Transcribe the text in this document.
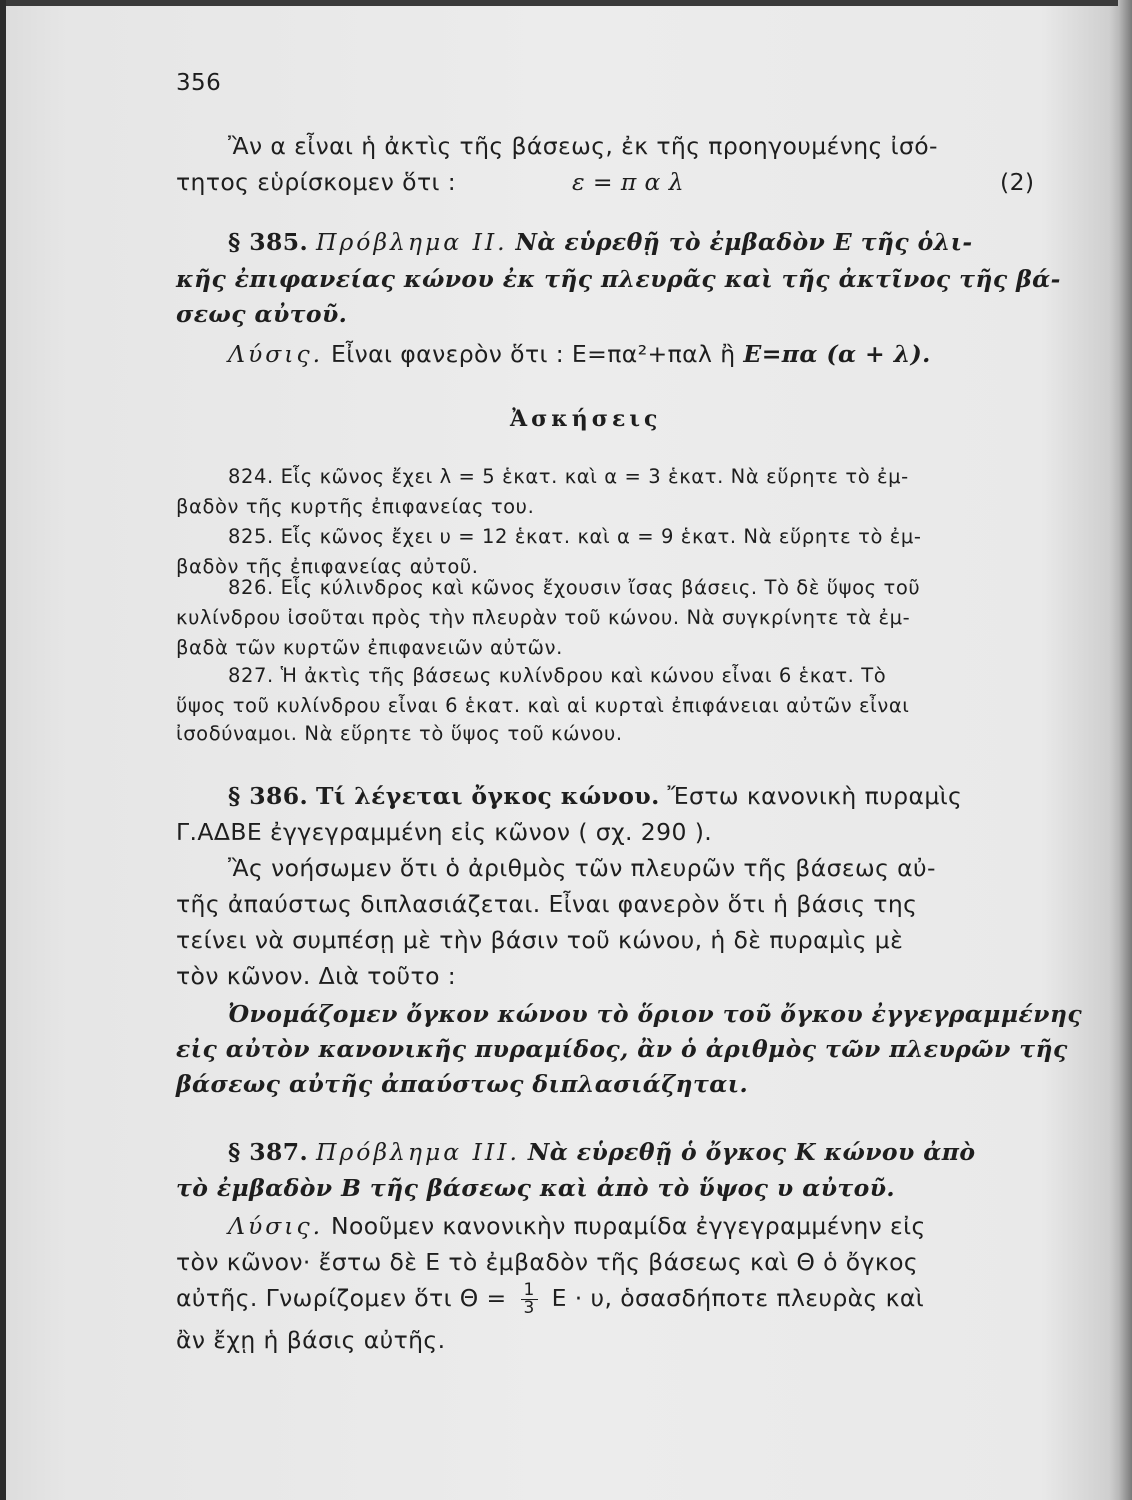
356
Ἂν α εἶναι ἡ ἀκτὶς τῆς βάσεως, ἐκ τῆς προηγουμένης ἰσό-
τητος εὑρίσκομεν ὅτι :	ε = π α λ	(2)
§ 385. Πρόβλημα II. Νὰ εὑρεθῇ τὸ ἐμβαδὸν Ε τῆς ὁλι-
κῆς ἐπιφανείας κώνου ἐκ τῆς πλευρᾶς καὶ τῆς ἀκτῖνος τῆς βά-
σεως αὐτοῦ.
Λύσις. Εἶναι φανερὸν ὅτι : Ε=πα²+παλ ἢ Ε=πα (α + λ).
Ἀσκήσεις
824. Εἷς κῶνος ἔχει λ = 5 ἑκατ. καὶ α = 3 ἑκατ. Νὰ εὕρητε τὸ ἐμ-
βαδὸν τῆς κυρτῆς ἐπιφανείας του.
825. Εἷς κῶνος ἔχει υ = 12 ἑκατ. καὶ α = 9 ἑκατ. Νὰ εὕρητε τὸ ἐμ-
βαδὸν τῆς ἐπιφανείας αὐτοῦ.
826. Εἷς κύλινδρος καὶ κῶνος ἔχουσιν ἴσας βάσεις. Τὸ δὲ ὕψος τοῦ
κυλίνδρου ἰσοῦται πρὸς τὴν πλευρὰν τοῦ κώνου. Νὰ συγκρίνητε τὰ ἐμ-
βαδὰ τῶν κυρτῶν ἐπιφανειῶν αὐτῶν.
827. Ἡ ἀκτὶς τῆς βάσεως κυλίνδρου καὶ κώνου εἶναι 6 ἑκατ. Τὸ
ὕψος τοῦ κυλίνδρου εἶναι 6 ἑκατ. καὶ αἱ κυρταὶ ἐπιφάνειαι αὐτῶν εἶναι
ἰσοδύναμοι. Νὰ εὕρητε τὸ ὕψος τοῦ κώνου.
§ 386. Τί λέγεται ὄγκος κώνου. Ἔστω κανονικὴ πυραμὶς
Γ.ΑΔΒΕ ἐγγεγραμμένη εἰς κῶνον ( σχ. 290 ).
Ἂς νοήσωμεν ὅτι ὁ ἀριθμὸς τῶν πλευρῶν τῆς βάσεως αὐ-
τῆς ἀπαύστως διπλασιάζεται. Εἶναι φανερὸν ὅτι ἡ βάσις της
τείνει νὰ συμπέσῃ μὲ τὴν βάσιν τοῦ κώνου, ἡ δὲ πυραμὶς μὲ
τὸν κῶνον. Διὰ τοῦτο :
Ὀνομάζομεν ὄγκον κώνου τὸ ὅριον τοῦ ὄγκου ἐγγεγραμμένης
εἰς αὐτὸν κανονικῆς πυραμίδος, ἂν ὁ ἀριθμὸς τῶν πλευρῶν τῆς
βάσεως αὐτῆς ἀπαύστως διπλασιάζηται.
§ 387. Πρόβλημα III. Νὰ εὑρεθῇ ὁ ὄγκος Κ κώνου ἀπὸ
τὸ ἐμβαδὸν Β τῆς βάσεως καὶ ἀπὸ τὸ ὕψος υ αὐτοῦ.
Λύσις. Νοοῦμεν κανονικὴν πυραμίδα ἐγγεγραμμένην εἰς
τὸν κῶνον· ἔστω δὲ Ε τὸ ἐμβαδὸν τῆς βάσεως καὶ Θ ὁ ὄγκος
αὐτῆς. Γνωρίζομεν ὅτι $\Theta = \frac{1}{3}$ Ε · υ, ὁσασδήποτε πλευρὰς καὶ
ἂν ἔχῃ ἡ βάσις αὐτῆς.
